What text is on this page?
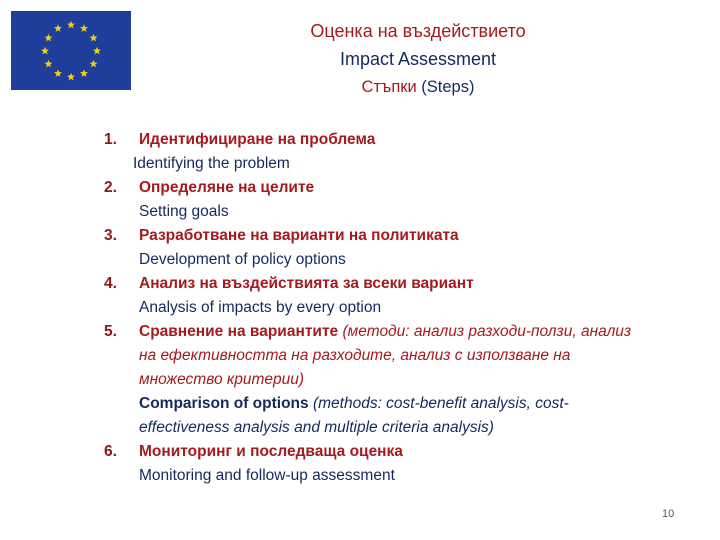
Оценка на въздействието
Impact Assessment
Стъпки (Steps)
1. Идентифициране на проблема
Identifying the problem
2. Определяне на целите
Setting goals
3. Разработване на варианти на политиката
Development of policy options
4. Анализ на въздействията за всеки вариант
Analysis of impacts by every option
5. Сравнение на вариантите (методи: анализ разходи-ползи, анализ
на ефективността на разходите, анализ с използване на
множество критерии)
Comparison of options (methods: cost-benefit analysis, cost-
effectiveness analysis and multiple criteria analysis)
6. Мониторинг и последваща оценка
Monitoring and follow-up assessment
10
